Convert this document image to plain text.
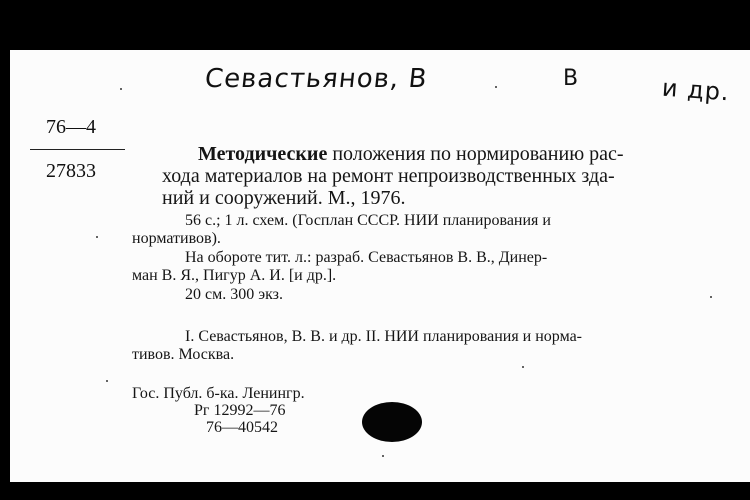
Севастьянов, В	В	и др.
76—4
27833
Методические положения по нормированию рас-
хода материалов на ремонт непроизводственных зда-
ний и сооружений. М., 1976.
56 с.; 1 л. схем. (Госплан СССР. НИИ планирования и
нормативов).
На обороте тит. л.: разраб. Севастьянов В. В., Динер-
ман В. Я., Пигур А. И. [и др.].
20 см. 300 экз.
I. Севастьянов, В. В. и др. II. НИИ планирования и норма-
тивов. Москва.
Гос. Публ. б-ка. Ленингр.
Рг 12992—76
76—40542
